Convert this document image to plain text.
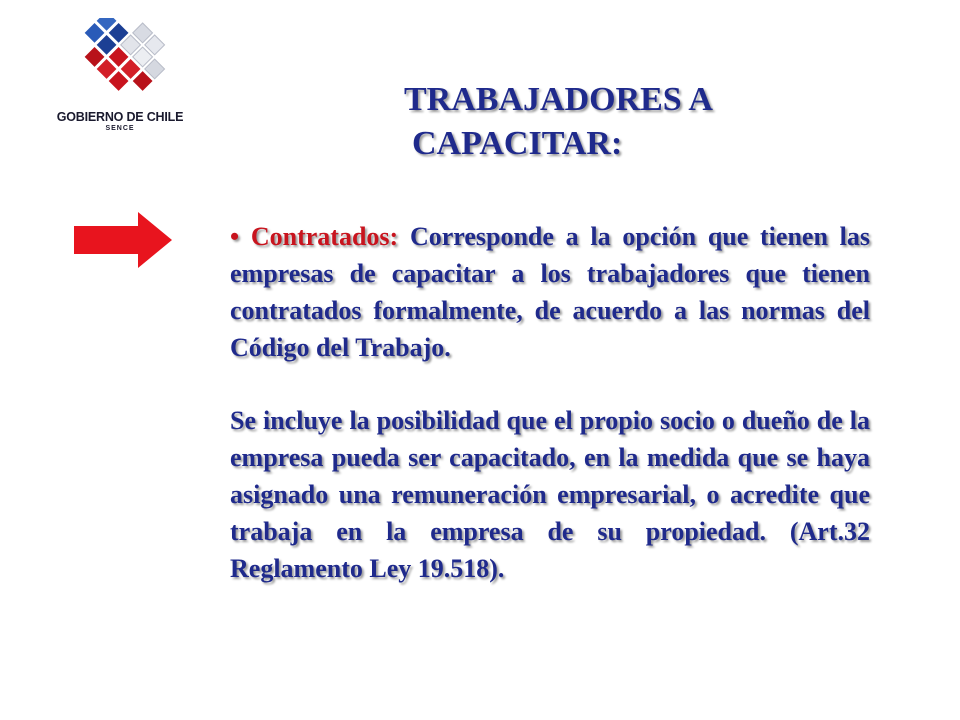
GOBIERNO DE CHILE
SENCE
TRABAJADORES A
CAPACITAR:

• Contratados: Corresponde a la opción que tienen las empresas de capacitar a los trabajadores que tienen contratados formalmente, de acuerdo a las normas del Código del Trabajo.

Se incluye la posibilidad que el propio socio o dueño de la empresa pueda ser capacitado, en la medida que se haya asignado una remuneración empresarial, o acredite que trabaja en la empresa de su propiedad. (Art.32 Reglamento Ley 19.518).
